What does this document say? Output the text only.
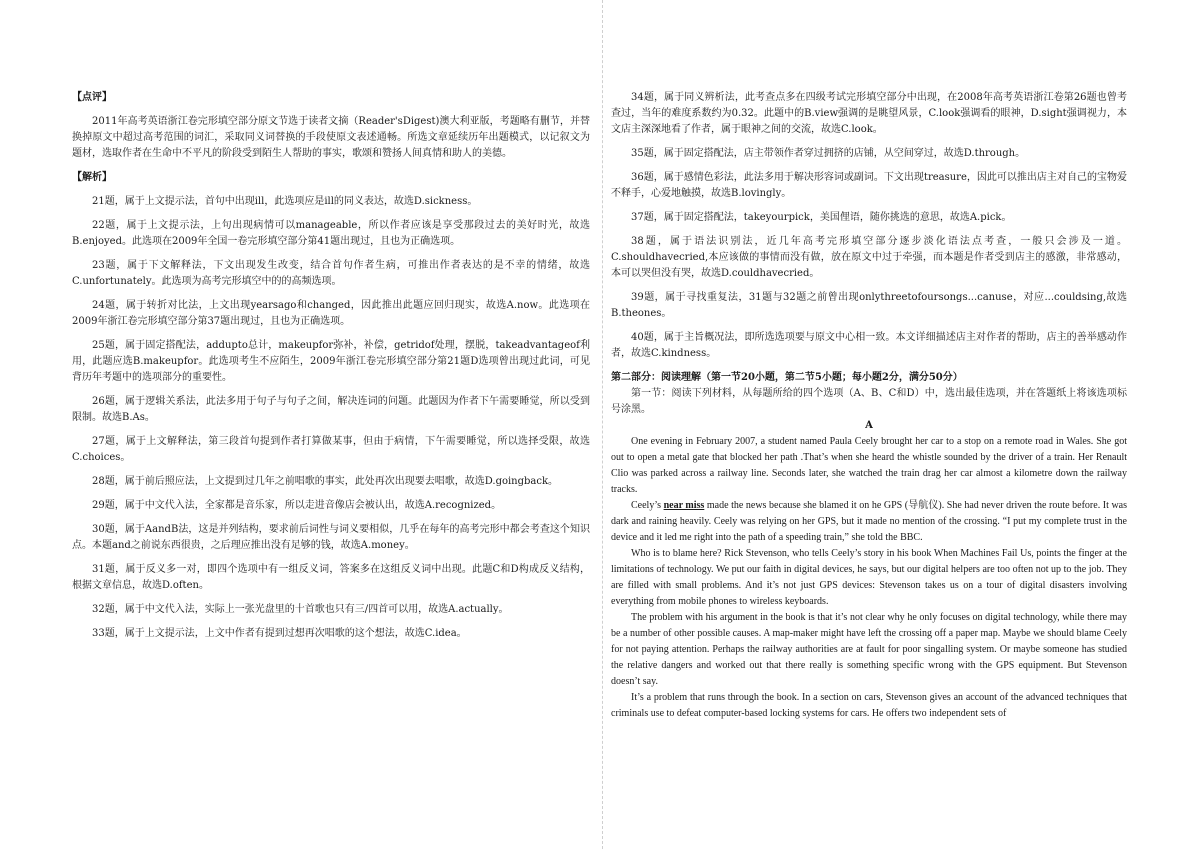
【点评】

2011年高考英语浙江卷完形填空部分原文节选于读者文摘（Reader'sDigest)澳大利亚版，考题略有删节，并替换掉原文中超过高考范围的词汇，采取同义词替换的手段使原文表述通畅。所选文章延续历年出题模式，以记叙文为题材，选取作者在生命中不平凡的阶段受到陌生人帮助的事实，歌颂和赞扬人间真情和助人的美德。

【解析】

21题，属于上文提示法，首句中出现ill，此选项应是ill的同义表达，故选D.sickness。

22题，属于上文提示法，上句出现病情可以manageable，所以作者应该是享受那段过去的美好时光，故选B.enjoyed。此选项在2009年全国一卷完形填空部分第41题出现过，且也为正确选项。

23题，属于下文解释法，下文出现发生改变，结合首句作者生病，可推出作者表达的是不幸的情绪，故选C.unfortunately。此选项为高考完形填空中的的高频选项。

24题，属于转折对比法，上文出现yearsago和changed，因此推出此题应回归现实，故选A.now。此选项在2009年浙江卷完形填空部分第37题出现过，且也为正确选项。

25题，属于固定搭配法，addupto总计，makeupfor弥补，补偿，getridof处理，摆脱，takeadvantageof利用，此题应选B.makeupfor。此选项考生不应陌生，2009年浙江卷完形填空部分第21题D选项曾出现过此词，可见背历年考题中的选项部分的重要性。

26题，属于逻辑关系法，此法多用于句子与句子之间，解决连词的问题。此题因为作者下午需要睡觉，所以受到限制。故选B.As。

27题，属于上文解释法，第三段首句提到作者打算做某事，但由于病情，下午需要睡觉，所以选择受限，故选C.choices。

28题，属于前后照应法，上文提到过几年之前唱歌的事实，此处再次出现要去唱歌，故选D.goingback。

29题，属于中文代入法，全家都是音乐家，所以走进音像店会被认出，故选A.recognized。

30题，属于AandB法，这是并列结构，要求前后词性与词义要相似，几乎在每年的高考完形中都会考查这个知识点。本题and之前说东西很贵，之后理应推出没有足够的钱，故选A.money。

31题，属于反义多一对，即四个选项中有一组反义词，答案多在这组反义词中出现。此题C和D构成反义结构，根据文章信息，故选D.often。

32题，属于中文代入法，实际上一张光盘里的十首歌也只有三/四首可以用，故选A.actually。

33题，属于上文提示法，上文中作者有提到过想再次唱歌的这个想法，故选C.idea。

34题，属于同义辨析法，此考查点多在四级考试完形填空部分中出现，在2008年高考英语浙江卷第26题也曾考查过，当年的难度系数约为0.32。此题中的B.view强调的是眺望风景，C.look强调看的眼神，D.sight强调视力，本文店主深深地看了作者，属于眼神之间的交流，故选C.look。

35题，属于固定搭配法，店主带领作者穿过拥挤的店铺，从空间穿过，故选D.through。

36题，属于感情色彩法，此法多用于解决形容词或副词。下文出现treasure，因此可以推出店主对自己的宝物爱不释手，心爱地触摸，故选B.lovingly。

37题，属于固定搭配法，takeyourpick，美国俚语，随你挑选的意思，故选A.pick。

38题，属于语法识别法，近几年高考完形填空部分逐步淡化语法点考查，一般只会涉及一道。C.shouldhavecried,本应该做的事情而没有做，放在原文中过于牵强，而本题是作者受到店主的感激，非常感动，本可以哭但没有哭，故选D.couldhavecried。

39题，属于寻找重复法，31题与32题之前曾出现onlythreetofoursongs...canuse，对应...couldsing,故选B.theones。

40题，属于主旨概况法，即所选选项要与原文中心相一致。本文详细描述店主对作者的帮助，店主的善举感动作者，故选C.kindness。

第二部分：阅读理解（第一节20小题，第二节5小题；每小题2分，满分50分）

第一节：阅读下列材料，从每题所给的四个选项（A、B、C和D）中，选出最佳选项，并在答题纸上将该选项标号涂黑。

A

One evening in February 2007, a student named Paula Ceely brought her car to a stop on a remote road in Wales. She got out to open a metal gate that blocked her path .That’s when she heard the whistle sounded by the driver of a train. Her Renault Clio was parked across a railway line. Seconds later, she watched the train drag her car almost a kilometre down the railway tracks.

Ceely’s near miss made the news because she blamed it on he GPS (导航仪). She had never driven the route before. It was dark and raining heavily. Ceely was relying on her GPS, but it made no mention of the crossing. “I put my complete trust in the device and it led me right into the path of a speeding train,” she told the BBC.

Who is to blame here? Rick Stevenson, who tells Ceely’s story in his book When Machines Fail Us, points the finger at the limitations of technology. We put our faith in digital devices, he says, but our digital helpers are too often not up to the job. They are filled with small problems. And it’s not just GPS devices: Stevenson takes us on a tour of digital disasters involving everything from mobile phones to wireless keyboards.

The problem with his argument in the book is that it’s not clear why he only focuses on digital technology, while there may be a number of other possible causes. A map-maker might have left the crossing off a paper map. Maybe we should blame Ceely for not paying attention. Perhaps the railway authorities are at fault for poor singalling system. Or maybe someone has studied the relative dangers and worked out that there really is something specific wrong with the GPS equipment. But Stevenson doesn’t say.

It’s a problem that runs through the book. In a section on cars, Stevenson gives an account of the advanced techniques that criminals use to defeat computer-based locking systems for cars. He offers two independent sets of
